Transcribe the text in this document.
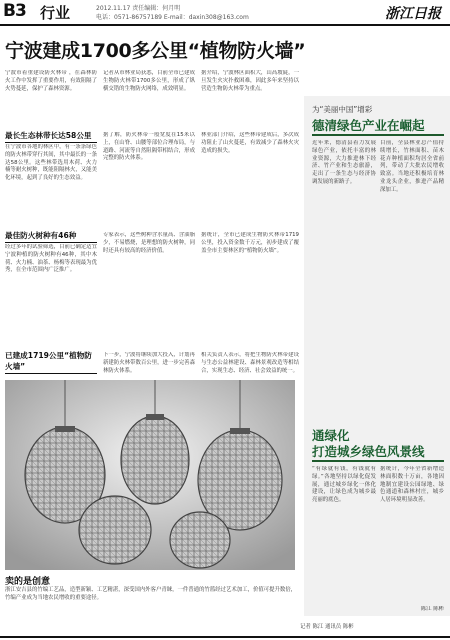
B3 行业	2012.11.17 责任编辑：何月明
电话：0571-86757189 E-mail：daxin308@163.com	浙江日报
宁波建成1700多公里“植物防火墙”
宁波市着重建设防火林带 ，在森林防火工作中发挥了重要作用，有效阻隔了火势蔓延，保护了森林资源。
记者从市林业局获悉，目前全市已建成生物防火林带1700多公里，形成了纵横交错的生物防火网络，成效明显。
据介绍，宁波林区面积大，山高坡陡，一旦发生火灾扑救困难，因此多年来坚持以营造生物防火林带为重点。
最长生态林带长达58公里
在宁波市各地的林区中，有一条条绿色的防火林带穿行其间，其中最长的一条达58公里。这些林带选用木荷、火力楠等耐火树种，既能阻隔林火，又能美化环境，起到了良好的生态效益。
据了解，防火林带一般宽度在15米以上，在山脊、山腰等部位合理布局，与道路、河流等自然阻隔带相结合，形成完整的防火体系。
林业部门介绍，这些林带建成后，多次成功阻止了山火蔓延，有效减少了森林火灾造成的损失。
最佳防火树种有46种
经过多年的试验筛选，目前已确定适宜宁波种植的防火树种有46种，其中木荷、火力楠、油茶、杨梅等表现最为优秀，在全市范围内广泛推广。
专家表示，这些树种含水量高、含油脂少，不易燃烧，是理想的防火树种，同时还具有较高的经济价值。
据统计，全市已建成生物防火林带1719公里，投入资金数千万元，初步建成了覆盖全市主要林区的“植物防火墙”。
已建成1719公里“植物防火墙”
下一步，宁波将继续加大投入，计划再新建防火林带数百公里，进一步完善森林防火体系。
相关负责人表示，将把生物防火林带建设与生态公益林建设、森林景观改造等相结合，实现生态、经济、社会效益的统一。
卖的是创意
浙江安吉县的竹编工艺品，造型新颖、工艺精湛，深受国内外客户青睐，一件普通的竹篮经过艺术加工，价值可提升数倍，竹编产业成为当地农民增收的重要途径。
记者 陈江 通讯员 陈彬
为“美丽中国”增彩
德清绿色产业在崛起
近年来，德清县着力发展绿色产业，依托丰富的林业资源，大力推进林下经济、竹产业和生态旅游，走出了一条生态与经济协调发展的新路子。
目前，全县林业总产值持续增长，竹林面积、苗木花卉种植面积均居全省前列，带动了大批农民增收致富。当地还积极培育林业龙头企业，推进产品精深加工。
通绿化
打造城乡绿色风景线
“有绿就有钱，有钱就有绿。”各地坚持以绿化促发展，通过城乡绿化一体化建设，让绿色成为城乡最亮丽的底色。
据统计，今年全省新增造林面积数十万亩，各地因地制宜建设公园绿地、绿色通道和森林村庄，城乡人居环境明显改善。
陈江 陈彬
